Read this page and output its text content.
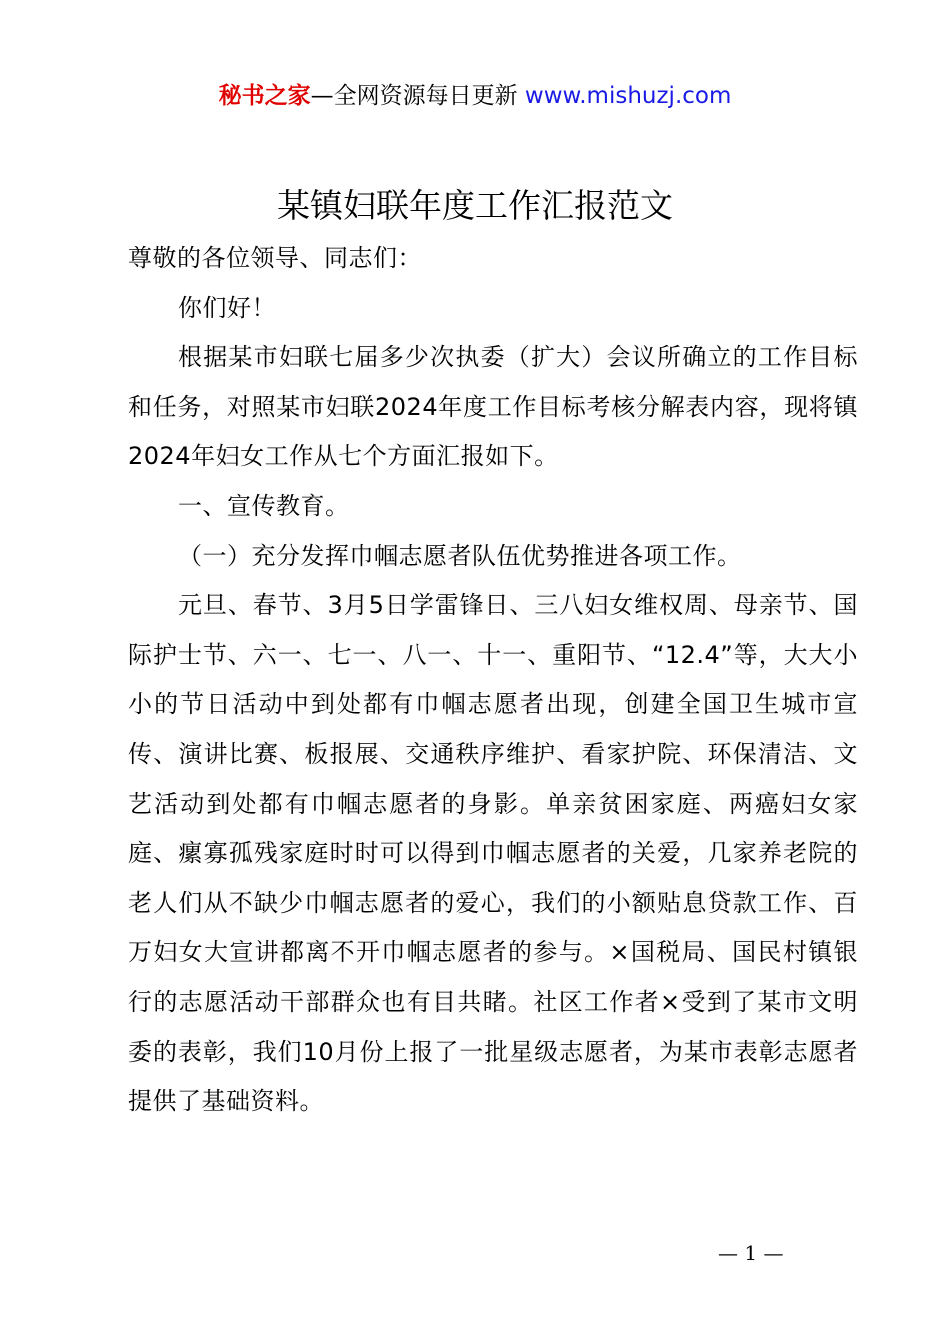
秘书之家—全网资源每日更新 www.mishuzj.com
某镇妇联年度工作汇报范文

尊敬的各位领导、同志们：

你们好！

根据某市妇联七届多少次执委（扩大）会议所确立的工作目标和任务，对照某市妇联2024年度工作目标考核分解表内容，现将镇2024年妇女工作从七个方面汇报如下。

一、宣传教育。

（一）充分发挥巾帼志愿者队伍优势推进各项工作。

元旦、春节、3月5日学雷锋日、三八妇女维权周、母亲节、国际护士节、六一、七一、八一、十一、重阳节、“12.4”等，大大小小的节日活动中到处都有巾帼志愿者出现，创建全国卫生城市宣传、演讲比赛、板报展、交通秩序维护、看家护院、环保清洁、文艺活动到处都有巾帼志愿者的身影。单亲贫困家庭、两癌妇女家庭、瘰寡孤残家庭时时可以得到巾帼志愿者的关爱，几家养老院的老人们从不缺少巾帼志愿者的爱心，我们的小额贴息贷款工作、百万妇女大宣讲都离不开巾帼志愿者的参与。×国税局、国民村镇银行的志愿活动干部群众也有目共睹。社区工作者×受到了某市文明委的表彰，我们10月份上报了一批星级志愿者，为某市表彰志愿者提供了基础资料。

— 1 —
